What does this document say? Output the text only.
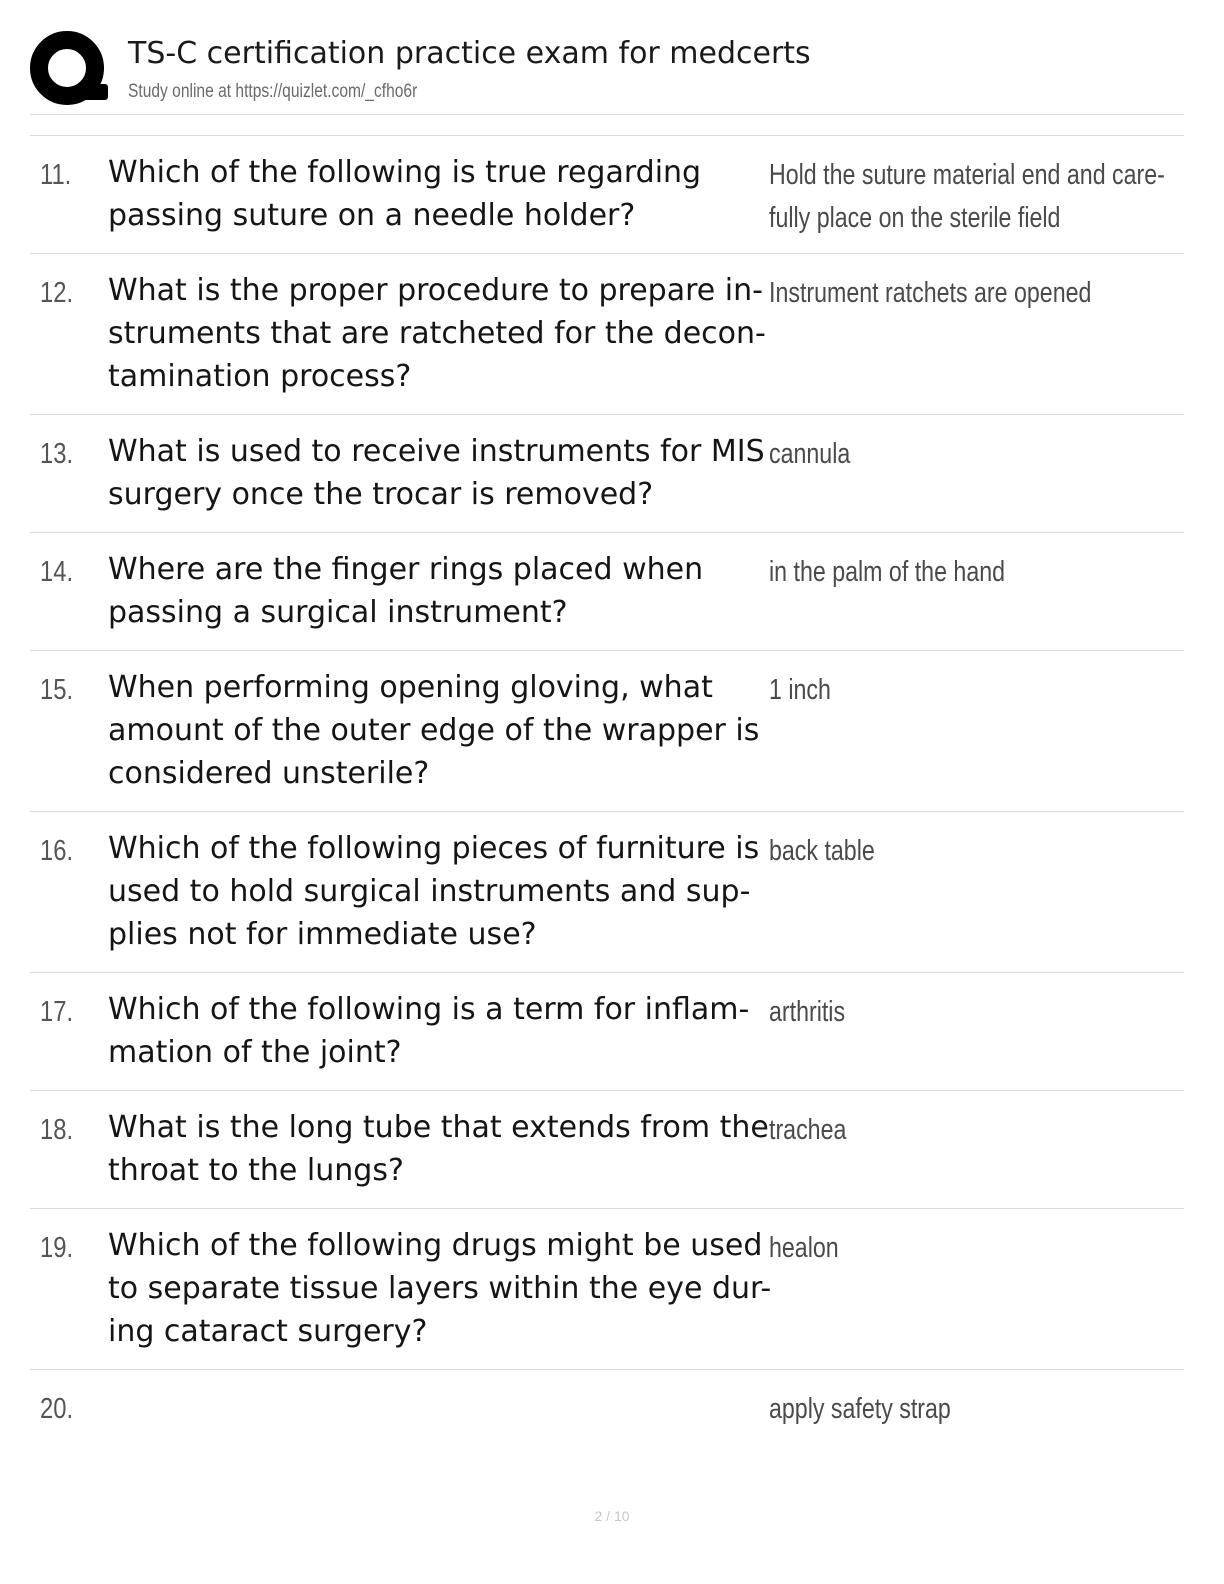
TS-C certification practice exam for medcerts
Study online at https://quizlet.com/_cfho6r
11. Which of the following is true regarding
passing suture on a needle holder?
Hold the suture material end and care-
fully place on the sterile field
12. What is the proper procedure to prepare in-
struments that are ratcheted for the decon-
tamination process?
Instrument ratchets are opened
13. What is used to receive instruments for MIS
surgery once the trocar is removed?
cannula
14. Where are the finger rings placed when
passing a surgical instrument?
in the palm of the hand
15. When performing opening gloving, what
amount of the outer edge of the wrapper is
considered unsterile?
1 inch
16. Which of the following pieces of furniture is
used to hold surgical instruments and sup-
plies not for immediate use?
back table
17. Which of the following is a term for inflam-
mation of the joint?
arthritis
18. What is the long tube that extends from the
throat to the lungs?
trachea
19. Which of the following drugs might be used
to separate tissue layers within the eye dur-
ing cataract surgery?
healon
20.	apply safety strap
2 / 10
